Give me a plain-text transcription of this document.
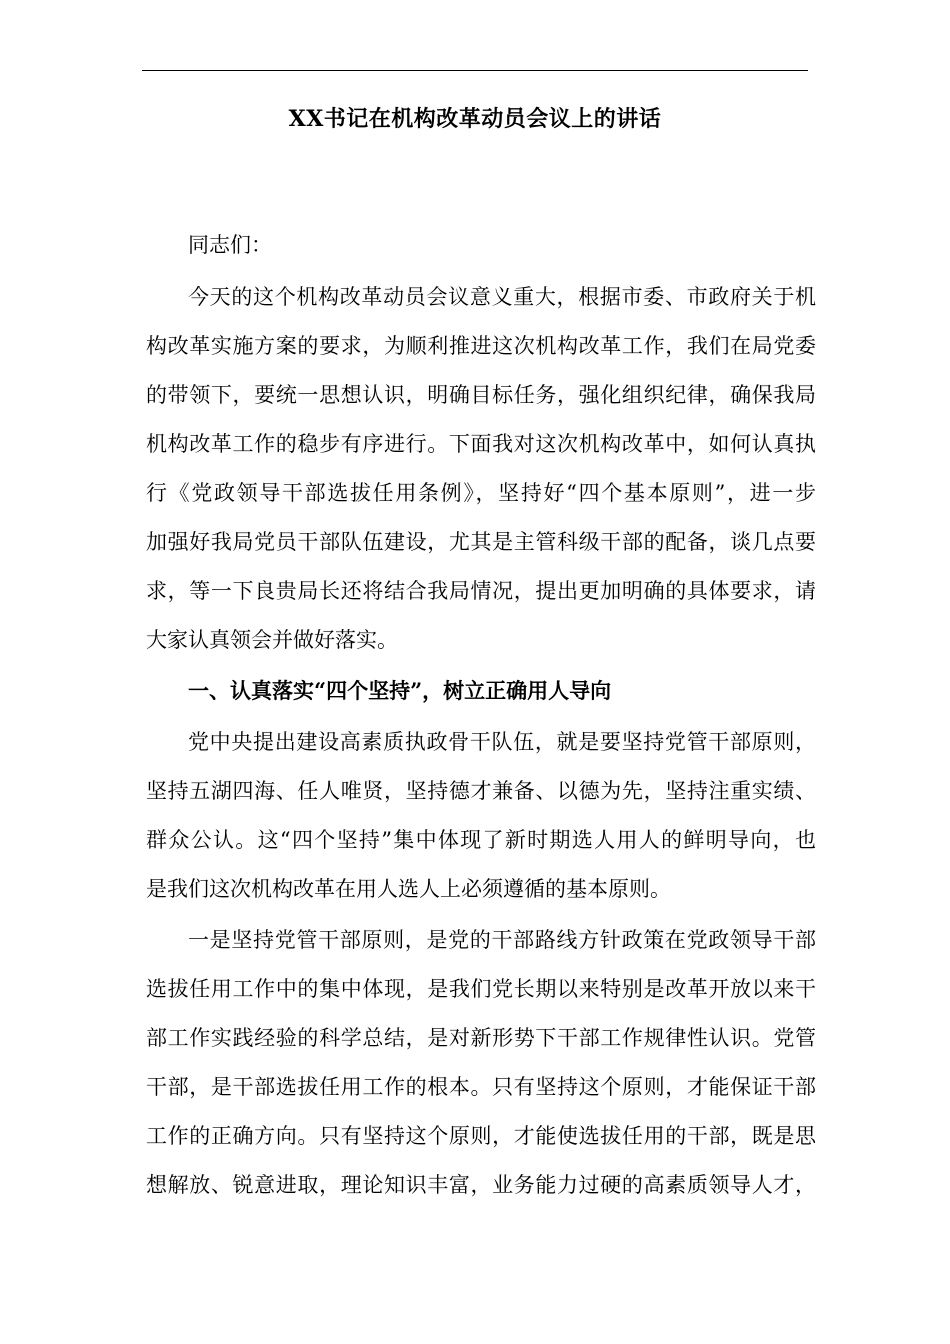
XX书记在机构改革动员会议上的讲话
同志们：
今天的这个机构改革动员会议意义重大，根据市委、市政府关于机
构改革实施方案的要求，为顺利推进这次机构改革工作，我们在局党委
的带领下，要统一思想认识，明确目标任务，强化组织纪律，确保我局
机构改革工作的稳步有序进行。下面我对这次机构改革中，如何认真执
行《党政领导干部选拔任用条例》，坚持好“四个基本原则”，进一步
加强好我局党员干部队伍建设，尤其是主管科级干部的配备，谈几点要
求，等一下良贵局长还将结合我局情况，提出更加明确的具体要求，请
大家认真领会并做好落实。
一、认真落实“四个坚持”，树立正确用人导向
党中央提出建设高素质执政骨干队伍，就是要坚持党管干部原则，
坚持五湖四海、任人唯贤，坚持德才兼备、以德为先，坚持注重实绩、
群众公认。这“四个坚持”集中体现了新时期选人用人的鲜明导向，也
是我们这次机构改革在用人选人上必须遵循的基本原则。
一是坚持党管干部原则，是党的干部路线方针政策在党政领导干部
选拔任用工作中的集中体现，是我们党长期以来特别是改革开放以来干
部工作实践经验的科学总结，是对新形势下干部工作规律性认识。党管
干部，是干部选拔任用工作的根本。只有坚持这个原则，才能保证干部
工作的正确方向。只有坚持这个原则，才能使选拔任用的干部，既是思
想解放、锐意进取，理论知识丰富，业务能力过硬的高素质领导人才，
